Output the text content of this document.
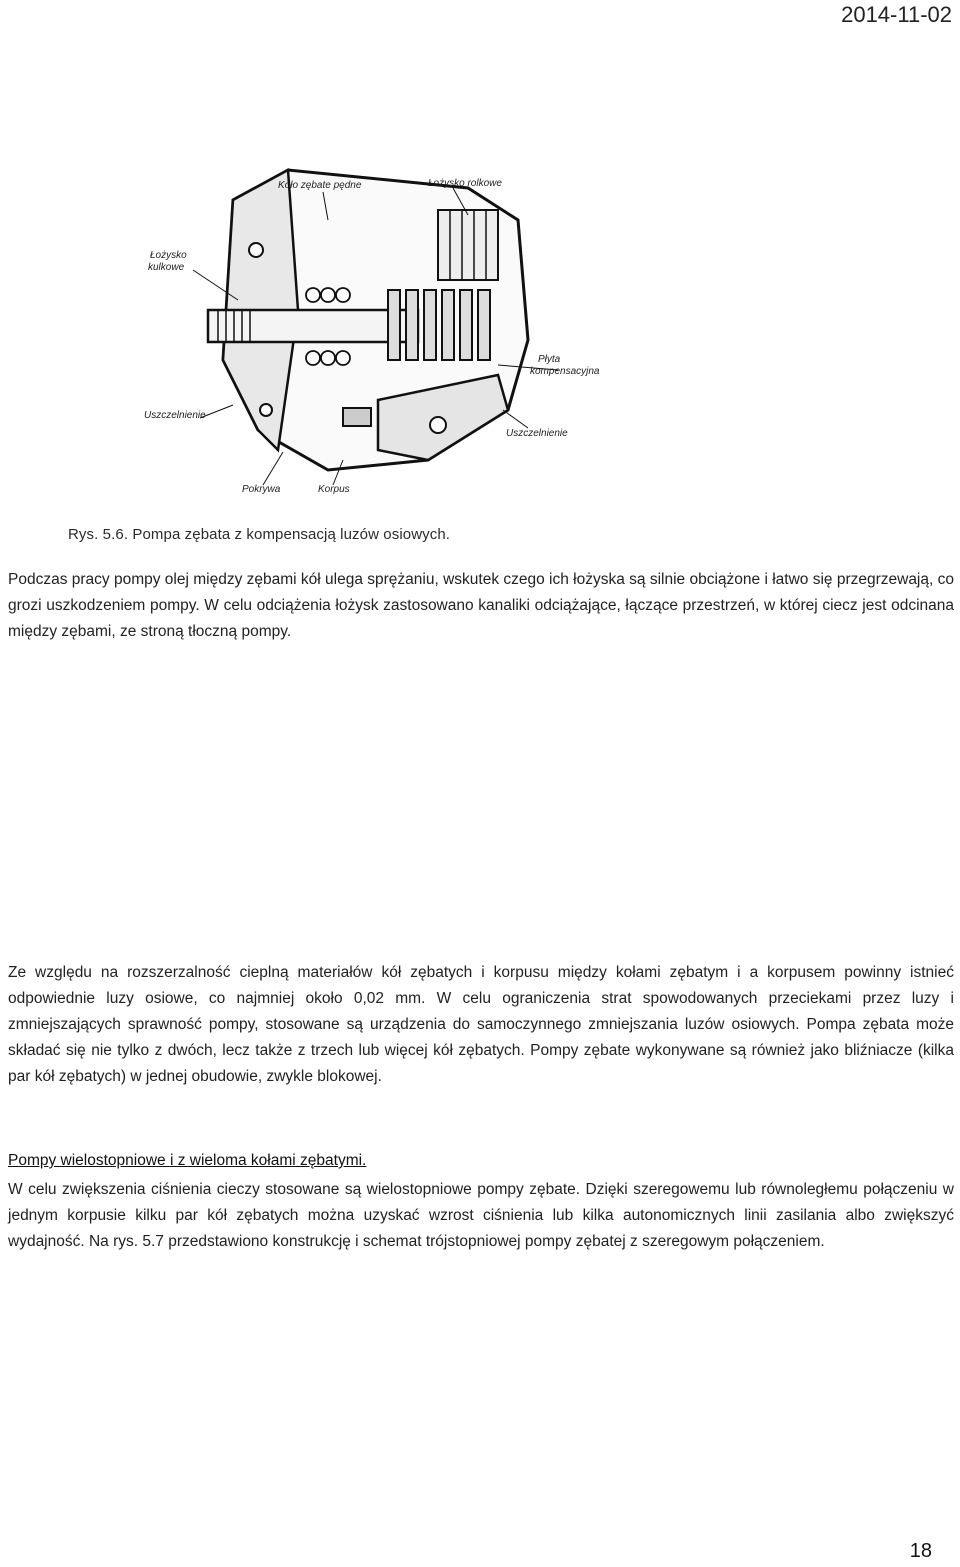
2014-11-02
Koło zębate pędne	Łożysko rolkowe
Łożysko
kulkowe
Płyta
kompensacyjna
Uszczelnienie
Uszczelnienie
Pokrywa	Korpus
Rys. 5.6. Pompa zębata z kompensacją luzów osiowych.

Podczas pracy pompy olej między zębami kół ulega sprężaniu, wskutek czego ich łożyska są silnie obciążone i łatwo się przegrzewają, co grozi uszkodzeniem pompy. W celu odciążenia łożysk zastosowano kanaliki odciążające, łączące przestrzeń, w której ciecz jest odcinana między zębami, ze stroną tłoczną pompy.

Ze względu na rozszerzalność cieplną materiałów kół zębatych i korpusu między kołami zębatym i a korpusem powinny istnieć odpowiednie luzy osiowe, co najmniej około 0,02 mm. W celu ograniczenia strat spowodowanych przeciekami przez luzy i zmniejszających sprawność pompy, stosowane są urządzenia do samoczynnego zmniejszania luzów osiowych. Pompa zębata może składać się nie tylko z dwóch, lecz także z trzech lub więcej kół zębatych. Pompy zębate wykonywane są również jako bliźniacze (kilka par kół zębatych) w jednej obudowie, zwykle blokowej.

Pompy wielostopniowe i z wieloma kołami zębatymi.

W celu zwiększenia ciśnienia cieczy stosowane są wielostopniowe pompy zębate. Dzięki szeregowemu lub równoległemu połączeniu w jednym korpusie kilku par kół zębatych można uzyskać wzrost ciśnienia lub kilka autonomicznych linii zasilania albo zwiększyć wydajność. Na rys. 5.7 przedstawiono konstrukcję i schemat trójstopniowej pompy zębatej z szeregowym połączeniem.

18
